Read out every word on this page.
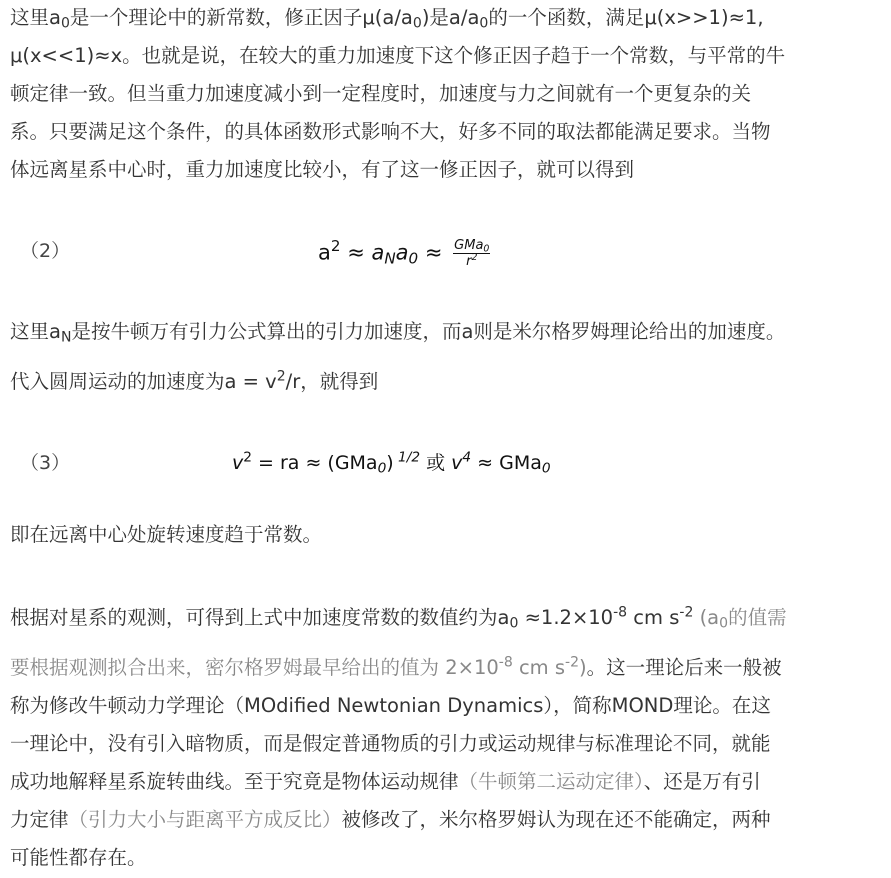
这里$a_0$是一个理论中的新常数，修正因子$\mu(a/a_0)$是$a/a_0$的一个函数，满足μ(x>>1)≈1,
μ(x<<1)≈x。也就是说，在较大的重力加速度下这个修正因子趋于一个常数，与平常的牛
顿定律一致。但当重力加速度减小到一定程度时，加速度与力之间就有一个更复杂的关
系。只要满足这个条件，的具体函数形式影响不大，好多不同的取法都能满足要求。当物
体远离星系中心时，重力加速度比较小，有了这一修正因子，就可以得到
（2）	$a^2 \approx a_Na_0 \approx \frac{GMa_0}{r^2}$
这里$a_N$是按牛顿万有引力公式算出的引力加速度，而a则是米尔格罗姆理论给出的加速度。
代入圆周运动的加速度为$a = v^2/r$，就得到
（3）	$v^2$ = ra ≈ (GMa$_0$) $^{1/2}$ 或 $v^4 \approx GMa_0$
即在远离中心处旋转速度趋于常数。
根据对星系的观测，可得到上式中加速度常数的数值约为$a_0 \approx 1.2\times 10^{-8}$ cm $s^{-2}$ ($a_0$的值需
要根据观测拟合出来，密尔格罗姆最早给出的值为 $2\times 10^{-8}$ cm $s^{-2}$)。这一理论后来一般被
称为修改牛顿动力学理论（MOdified Newtonian Dynamics），简称MOND理论。在这
一理论中，没有引入暗物质，而是假定普通物质的引力或运动规律与标准理论不同，就能
成功地解释星系旋转曲线。至于究竟是物体运动规律（牛顿第二运动定律）、还是万有引
力定律（引力大小与距离平方成反比）被修改了，米尔格罗姆认为现在还不能确定，两种
可能性都存在。
